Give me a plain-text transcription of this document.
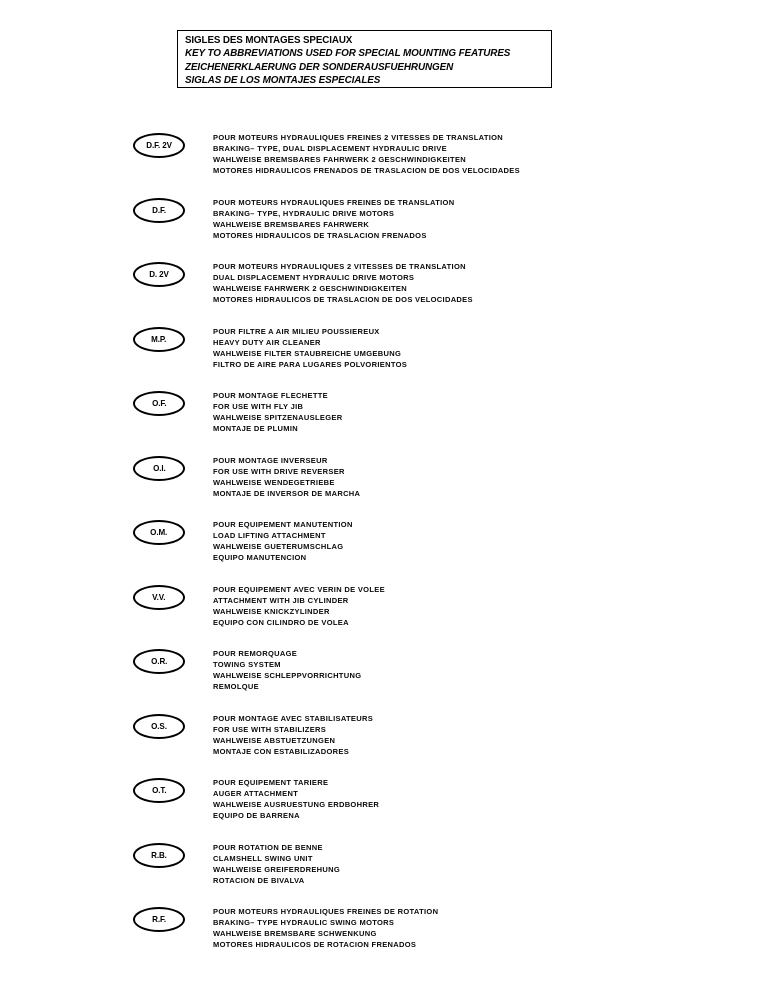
SIGLES DES MONTAGES SPECIAUX
KEY TO ABBREVIATIONS USED FOR SPECIAL MOUNTING FEATURES
ZEICHENERKLAERUNG DER SONDERAUSFUEHRUNGEN
SIGLAS DE LOS MONTAJES ESPECIALES
D.F. 2V
POUR MOTEURS HYDRAULIQUES FREINES 2 VITESSES DE TRANSLATION
BRAKING– TYPE, DUAL DISPLACEMENT HYDRAULIC DRIVE
WAHLWEISE BREMSBARES FAHRWERK 2 GESCHWINDIGKEITEN
MOTORES HIDRAULICOS FRENADOS DE TRASLACION DE DOS VELOCIDADES
D.F.
POUR MOTEURS HYDRAULIQUES FREINES DE TRANSLATION
BRAKING– TYPE, HYDRAULIC DRIVE MOTORS
WAHLWEISE BREMSBARES FAHRWERK
MOTORES HIDRAULICOS DE TRASLACION FRENADOS
D. 2V
POUR MOTEURS HYDRAULIQUES 2 VITESSES DE TRANSLATION
DUAL DISPLACEMENT HYDRAULIC DRIVE MOTORS
WAHLWEISE FAHRWERK 2 GESCHWINDIGKEITEN
MOTORES HIDRAULICOS DE TRASLACION DE DOS VELOCIDADES
M.P.
POUR FILTRE A AIR MILIEU POUSSIEREUX
HEAVY DUTY AIR CLEANER
WAHLWEISE FILTER STAUBREICHE UMGEBUNG
FILTRO DE AIRE PARA LUGARES POLVORIENTOS
O.F.
POUR MONTAGE FLECHETTE
FOR USE WITH FLY JIB
WAHLWEISE SPITZENAUSLEGER
MONTAJE DE PLUMIN
O.I.
POUR MONTAGE INVERSEUR
FOR USE WITH DRIVE REVERSER
WAHLWEISE WENDEGETRIEBE
MONTAJE DE INVERSOR DE MARCHA
O.M.
POUR EQUIPEMENT MANUTENTION
LOAD LIFTING ATTACHMENT
WAHLWEISE GUETERUMSCHLAG
EQUIPO MANUTENCION
V.V.
POUR EQUIPEMENT AVEC VERIN DE VOLEE
ATTACHMENT WITH JIB CYLINDER
WAHLWEISE KNICKZYLINDER
EQUIPO CON CILINDRO DE VOLEA
O.R.
POUR REMORQUAGE
TOWING SYSTEM
WAHLWEISE SCHLEPPVORRICHTUNG
REMOLQUE
O.S.
POUR MONTAGE AVEC STABILISATEURS
FOR USE WITH STABILIZERS
WAHLWEISE ABSTUETZUNGEN
MONTAJE CON ESTABILIZADORES
O.T.
POUR EQUIPEMENT TARIERE
AUGER ATTACHMENT
WAHLWEISE AUSRUESTUNG ERDBOHRER
EQUIPO DE BARRENA
R.B.
POUR ROTATION DE BENNE
CLAMSHELL SWING UNIT
WAHLWEISE GREIFERDREHUNG
ROTACION DE BIVALVA
R.F.
POUR MOTEURS HYDRAULIQUES FREINES DE ROTATION
BRAKING– TYPE HYDRAULIC SWING MOTORS
WAHLWEISE BREMSBARE SCHWENKUNG
MOTORES HIDRAULICOS DE ROTACION FRENADOS
